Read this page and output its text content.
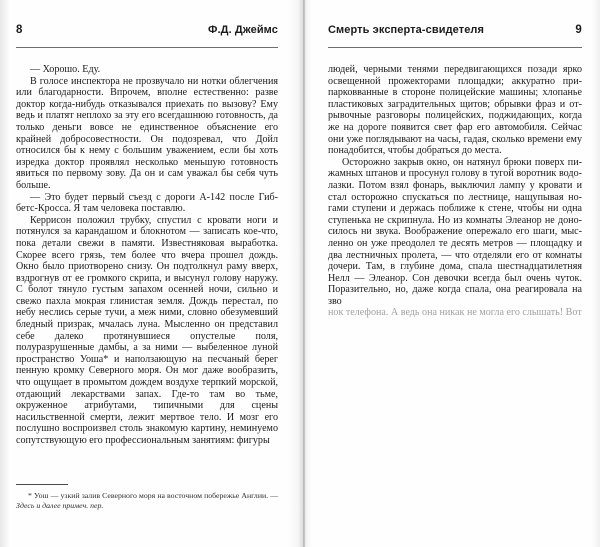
8	Ф.Д. Джеймс

— Хорошо. Еду.

В голосе инспектора не прозвучало ни нотки облегчения или благодарности. Впрочем, вполне естественно: разве доктор когда-нибудь отказывался приехать по вызову? Ему ведь и платят неплохо за эту его всегдашнюю готовность, да только деньги вовсе не единственное объяснение его крайней добросовестности. Он подозревал, что Дойл относился бы к нему с большим уважением, если бы хоть изредка доктор проявлял несколько меньшую готовность явиться по первому зову. Да он и сам уважал бы себя чуть больше.

— Это будет первый съезд с дороги А-142 после Гиббетс-Кросса. Я там человека поставлю.

Керрисон положил трубку, спустил с кровати ноги и потянулся за карандашом и блокнотом — записать кое-что, пока детали свежи в памяти. Известняковая выработка. Скорее всего грязь, тем более что вчера прошел дождь. Окно было приотворено снизу. Он подтолкнул раму вверх, вздрогнув от ее громкого скрипа, и высунул голову наружу. С болот тянуло густым запахом осенней ночи, сильно и свежо пахла мокрая глинистая земля. Дождь перестал, по небу неслись серые тучи, а меж ними, словно обезумевший бледный призрак, мчалась луна. Мысленно он представил себе далеко протянувшиеся опустелые поля, полуразрушенные дамбы, а за ними — выбеленное луной пространство Уоша* и наползающую на песчаный берег пенную кромку Северного моря. Он мог даже вообразить, что ощущает в промытом дождем воздухе терпкий морской, отдающий лекарствами запах. Где-то там во тьме, окруженное атрибутами, типичными для сцены насильственной смерти, лежит мертвое тело. И мозг его послушно воспроизвел столь знакомую картину, неминуемо сопутствующую его профессиональным занятиям: фигуры

* Уош — узкий залив Северного моря на восточном побережье Англии. — Здесь и далее примеч. пер.
Смерть эксперта-свидетеля	9

людей, черными тенями передвигающихся позади ярко освещенной прожекторами площадки; аккуратно припарковванные в стороне полицейские машины; хлопанье пластиковых заградительных щитов; обрывки фраз и отрывочные разговоры полицейских, поджидающих, когда же на дороге появится свет фар его автомобиля. Сейчас они уже поглядывают на часы, гадая, сколько времени ему понадобится, чтобы добраться до места.

Осторожно закрыв окно, он натянул брюки поверх пижамных штанов и просунул голову в тугой воротник водолазки. Потом взял фонарь, выключил лампу у кровати и стал осторожно спускаться по лестнице, нащупывая ногами ступени и держась поближе к стене, чтобы ни одна ступенька не скрипнула. Но из комнаты Элеанор не доносилось ни звука. Воображение опережало его шаги, мысленно он уже преодолел те десять метров — площадку и два лестничных пролета, — что отделяли его от комнаты дочери. Там, в глубине дома, спала шестнадцатилетняя Нелл — Элеанор. Сон девочки всегда был очень чуток. Поразительно, но, даже когда спала, она реагировала на зво

нок телефона. А ведь она никак не могла его слышать! Вот
